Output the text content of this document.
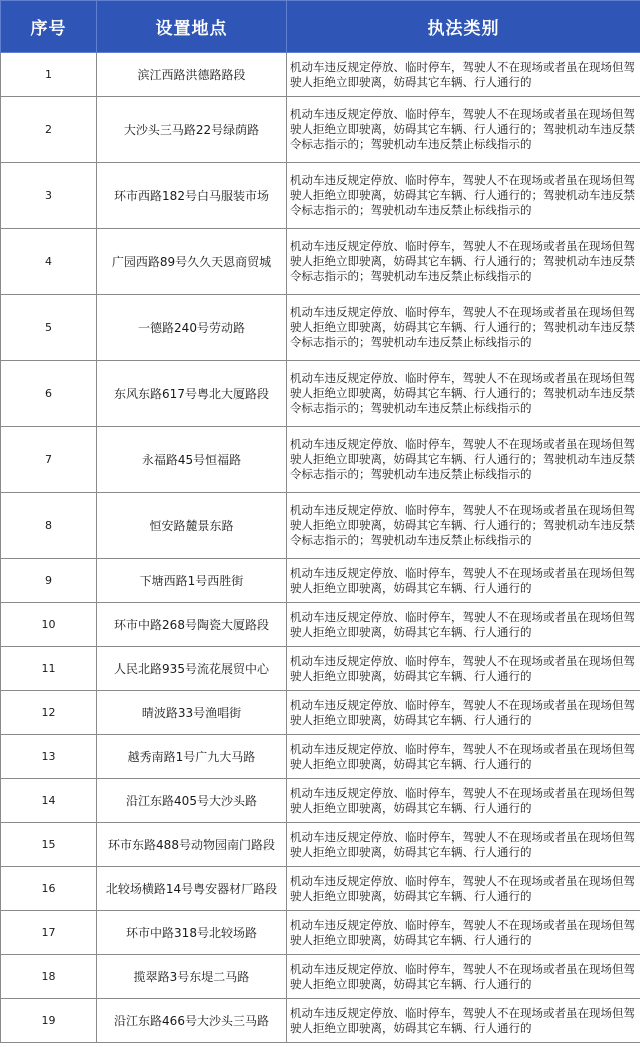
序号	设置地点	执法类别
1	滨江西路洪德路路段	机动车违反规定停放、临时停车，驾驶人不在现场或者虽在现场但驾驶人拒绝立即驶离，妨碍其它车辆、行人通行的
2	大沙头三马路22号绿荫路	机动车违反规定停放、临时停车，驾驶人不在现场或者虽在现场但驾驶人拒绝立即驶离，妨碍其它车辆、行人通行的；驾驶机动车违反禁令标志指示的；驾驶机动车违反禁止标线指示的
3	环市西路182号白马服装市场	机动车违反规定停放、临时停车，驾驶人不在现场或者虽在现场但驾驶人拒绝立即驶离，妨碍其它车辆、行人通行的；驾驶机动车违反禁令标志指示的；驾驶机动车违反禁止标线指示的
4	广园西路89号久久天恩商贸城	机动车违反规定停放、临时停车，驾驶人不在现场或者虽在现场但驾驶人拒绝立即驶离，妨碍其它车辆、行人通行的；驾驶机动车违反禁令标志指示的；驾驶机动车违反禁止标线指示的
5	一德路240号劳动路	机动车违反规定停放、临时停车，驾驶人不在现场或者虽在现场但驾驶人拒绝立即驶离，妨碍其它车辆、行人通行的；驾驶机动车违反禁令标志指示的；驾驶机动车违反禁止标线指示的
6	东风东路617号粤北大厦路段	机动车违反规定停放、临时停车，驾驶人不在现场或者虽在现场但驾驶人拒绝立即驶离，妨碍其它车辆、行人通行的；驾驶机动车违反禁令标志指示的；驾驶机动车违反禁止标线指示的
7	永福路45号恒福路	机动车违反规定停放、临时停车，驾驶人不在现场或者虽在现场但驾驶人拒绝立即驶离，妨碍其它车辆、行人通行的；驾驶机动车违反禁令标志指示的；驾驶机动车违反禁止标线指示的
8	恒安路麓景东路	机动车违反规定停放、临时停车，驾驶人不在现场或者虽在现场但驾驶人拒绝立即驶离，妨碍其它车辆、行人通行的；驾驶机动车违反禁令标志指示的；驾驶机动车违反禁止标线指示的
9	下塘西路1号西胜街	机动车违反规定停放、临时停车，驾驶人不在现场或者虽在现场但驾驶人拒绝立即驶离，妨碍其它车辆、行人通行的
10	环市中路268号陶瓷大厦路段	机动车违反规定停放、临时停车，驾驶人不在现场或者虽在现场但驾驶人拒绝立即驶离，妨碍其它车辆、行人通行的
11	人民北路935号流花展贸中心	机动车违反规定停放、临时停车，驾驶人不在现场或者虽在现场但驾驶人拒绝立即驶离，妨碍其它车辆、行人通行的
12	晴波路33号渔唱街	机动车违反规定停放、临时停车，驾驶人不在现场或者虽在现场但驾驶人拒绝立即驶离，妨碍其它车辆、行人通行的
13	越秀南路1号广九大马路	机动车违反规定停放、临时停车，驾驶人不在现场或者虽在现场但驾驶人拒绝立即驶离，妨碍其它车辆、行人通行的
14	沿江东路405号大沙头路	机动车违反规定停放、临时停车，驾驶人不在现场或者虽在现场但驾驶人拒绝立即驶离，妨碍其它车辆、行人通行的
15	环市东路488号动物园南门路段	机动车违反规定停放、临时停车，驾驶人不在现场或者虽在现场但驾驶人拒绝立即驶离，妨碍其它车辆、行人通行的
16	北较场横路14号粤安器材厂路段	机动车违反规定停放、临时停车，驾驶人不在现场或者虽在现场但驾驶人拒绝立即驶离，妨碍其它车辆、行人通行的
17	环市中路318号北较场路	机动车违反规定停放、临时停车，驾驶人不在现场或者虽在现场但驾驶人拒绝立即驶离，妨碍其它车辆、行人通行的
18	揽翠路3号东堤二马路	机动车违反规定停放、临时停车，驾驶人不在现场或者虽在现场但驾驶人拒绝立即驶离，妨碍其它车辆、行人通行的
19	沿江东路466号大沙头三马路	机动车违反规定停放、临时停车，驾驶人不在现场或者虽在现场但驾驶人拒绝立即驶离，妨碍其它车辆、行人通行的
